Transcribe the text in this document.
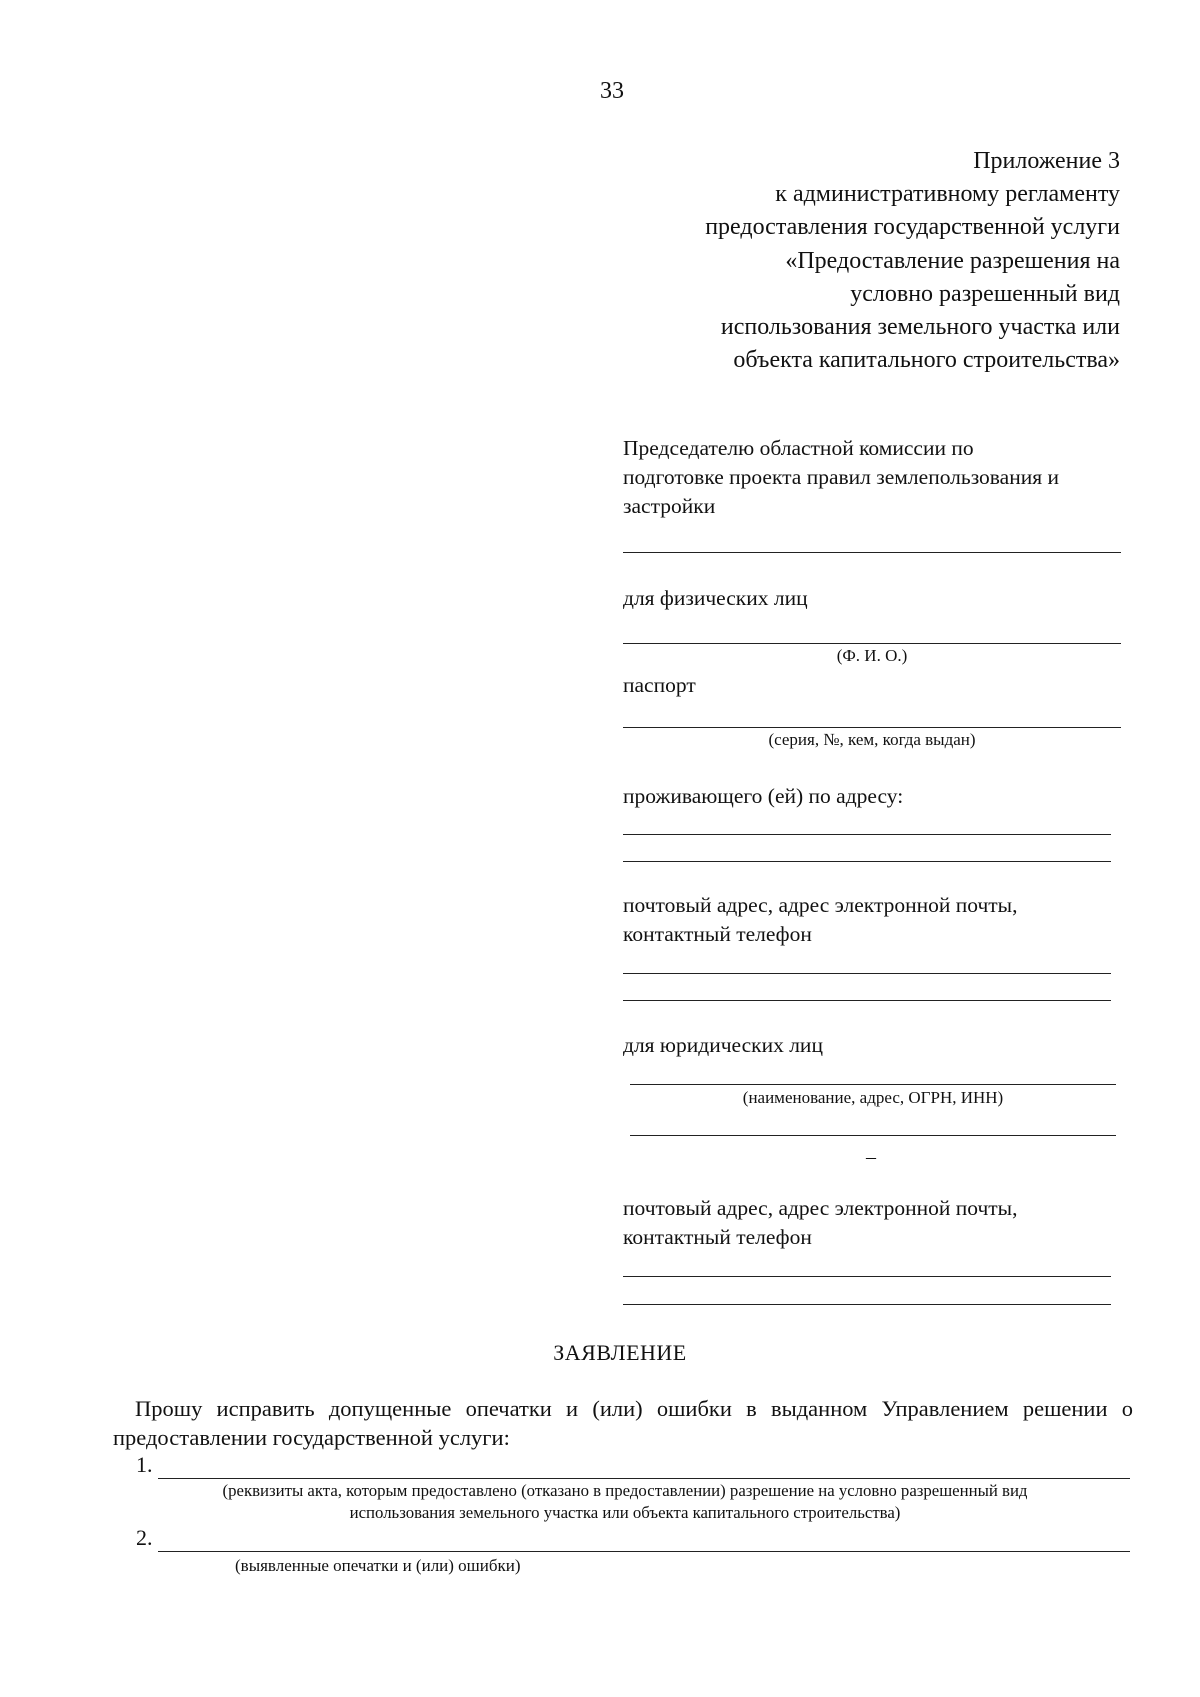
33
Приложение 3
к административному регламенту
предоставления государственной услуги
«Предоставление разрешения на
условно разрешенный вид
использования земельного участка или
объекта капитального строительства»
Председателю областной комиссии по
подготовке проекта правил землепользования и
застройки
для физических лиц
(Ф. И. О.)
паспорт
(серия, №, кем, когда выдан)
проживающего (ей) по адресу:
почтовый адрес, адрес электронной почты,
контактный телефон
для юридических лиц
(наименование, адрес, ОГРН, ИНН)
–
почтовый адрес, адрес электронной почты,
контактный телефон
ЗАЯВЛЕНИЕ
Прошу исправить допущенные опечатки и (или) ошибки в выданном Управлением решении о предоставлении государственной услуги:
1.
(реквизиты акта, которым предоставлено (отказано в предоставлении) разрешение на условно разрешенный вид
использования земельного участка или объекта капитального строительства)
2.
(выявленные опечатки и (или) ошибки)
